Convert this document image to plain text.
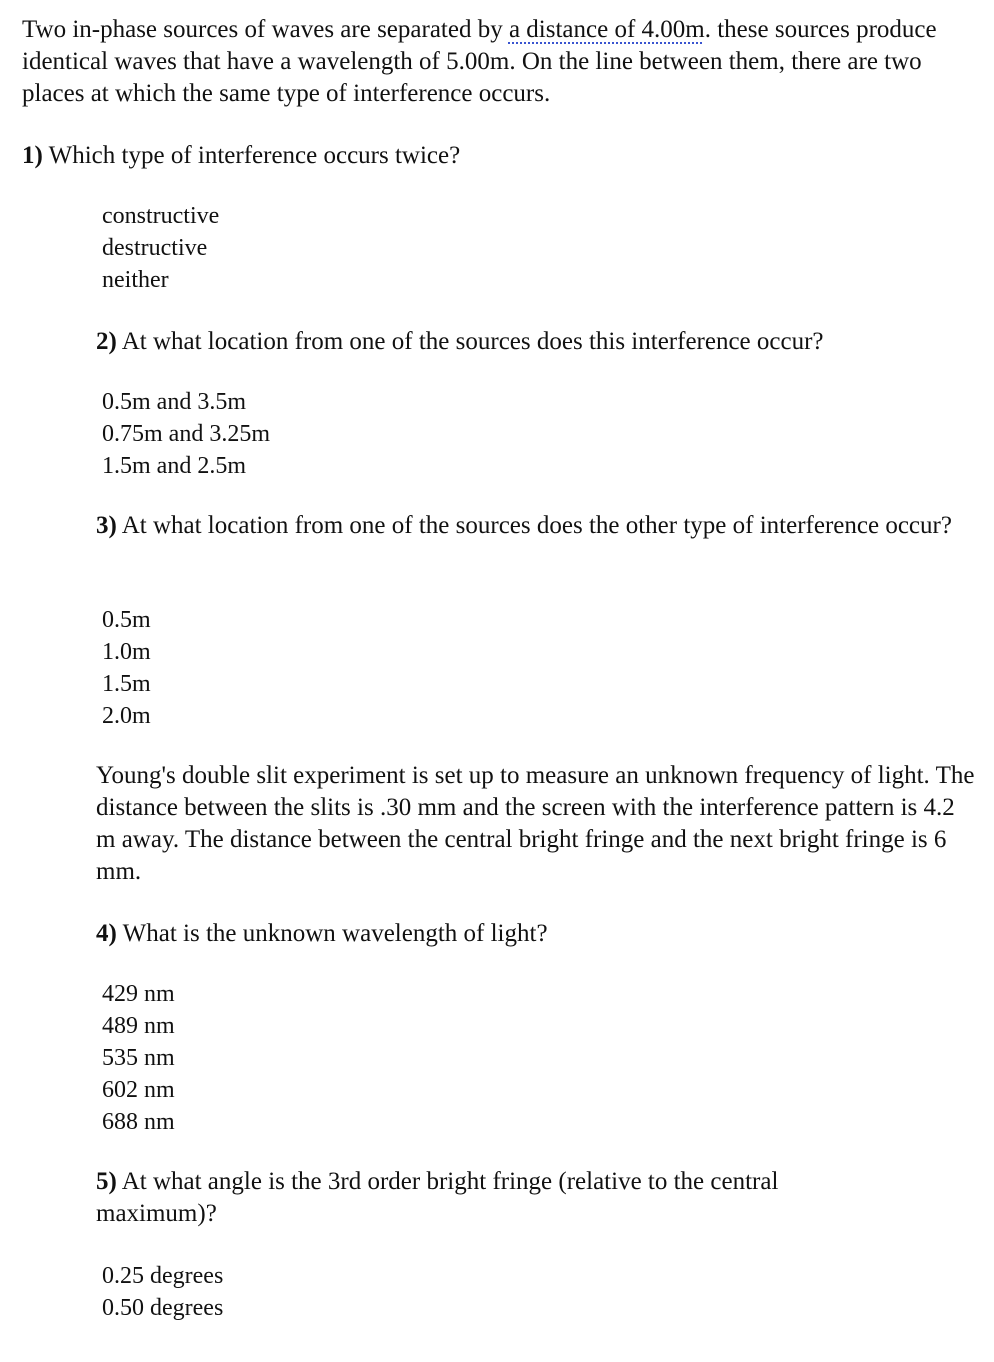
Two in-phase sources of waves are separated by a distance of 4.00m. these sources produce identical waves that have a wavelength of 5.00m. On the line between them, there are two places at which the same type of interference occurs.

1) Which type of interference occurs twice?
constructive
destructive
neither
2) At what location from one of the sources does this interference occur?
0.5m and 3.5m
0.75m and 3.25m
1.5m and 2.5m
3) At what location from one of the sources does the other type of interference occur?
0.5m
1.0m
1.5m
2.0m

Young's double slit experiment is set up to measure an unknown frequency of light. The distance between the slits is .30 mm and the screen with the interference pattern is 4.2 m away. The distance between the central bright fringe and the next bright fringe is 6 mm.

4) What is the unknown wavelength of light?
429 nm
489 nm
535 nm
602 nm
688 nm
5) At what angle is the 3rd order bright fringe (relative to the central maximum)?
0.25 degrees
0.50 degrees
